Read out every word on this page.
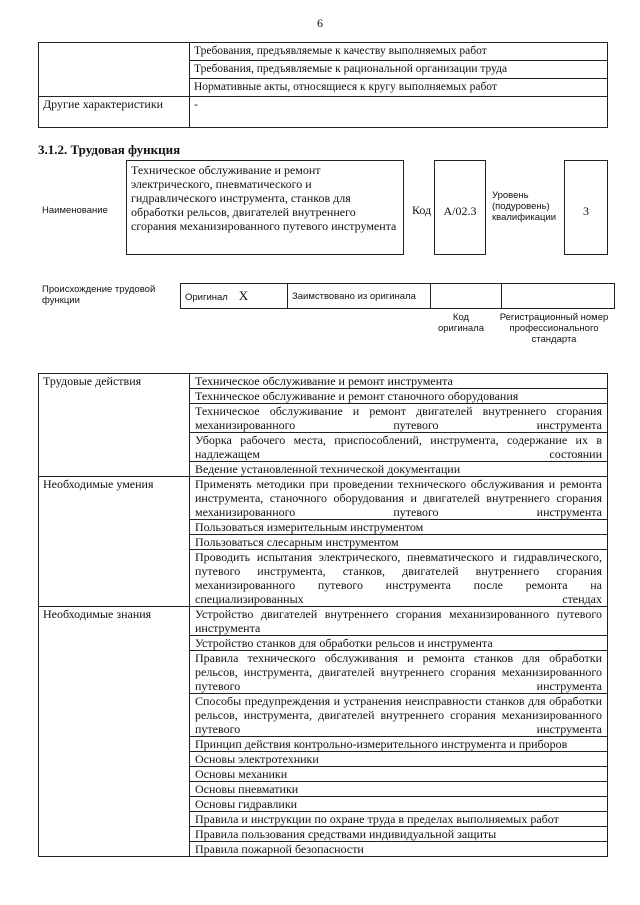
6
	Требования, предъявляемые к качеству выполняемых работ
	Требования, предъявляемые к рациональной организации труда
	Нормативные акты, относящиеся к кругу выполняемых работ
Другие характеристики	-
3.1.2. Трудовая функция
Наименование
Техническое обслуживание и ремонт электрического, пневматического и гидравлического инструмента, станков для обработки рельсов, двигателей внутреннего сгорания механизированного путевого инструмента
Код	А/02.3
Уровень (подуровень) квалификации	3
Происхождение трудовой функции	Оригинал X	Заимствовано из оригинала		
Код оригинала
Регистрационный номер профессионального стандарта
Трудовые действия	Техническое обслуживание и ремонт инструмента
	Техническое обслуживание и ремонт станочного оборудования
	Техническое обслуживание и ремонт двигателей внутреннего сгорания механизированного путевого инструмента
	Уборка рабочего места, приспособлений, инструмента, содержание их в надлежащем состоянии
	Ведение установленной технической документации
Необходимые умения	Применять методики при проведении технического обслуживания и ремонта инструмента, станочного оборудования и двигателей внутреннего сгорания механизированного путевого инструмента
	Пользоваться измерительным инструментом
	Пользоваться слесарным инструментом
	Проводить испытания электрического, пневматического и гидравлического, путевого инструмента, станков, двигателей внутреннего сгорания механизированного путевого инструмента после ремонта на специализированных стендах
Необходимые знания	Устройство двигателей внутреннего сгорания механизированного путевого инструмента
	Устройство станков для обработки рельсов и инструмента
	Правила технического обслуживания и ремонта станков для обработки рельсов, инструмента, двигателей внутреннего сгорания механизированного путевого инструмента
	Способы предупреждения и устранения неисправности станков для обработки рельсов, инструмента, двигателей внутреннего сгорания механизированного путевого инструмента
	Принцип действия контрольно-измерительного инструмента и приборов
	Основы электротехники
	Основы механики
	Основы пневматики
	Основы гидравлики
	Правила и инструкции по охране труда в пределах выполняемых работ
	Правила пользования средствами индивидуальной защиты
	Правила пожарной безопасности
